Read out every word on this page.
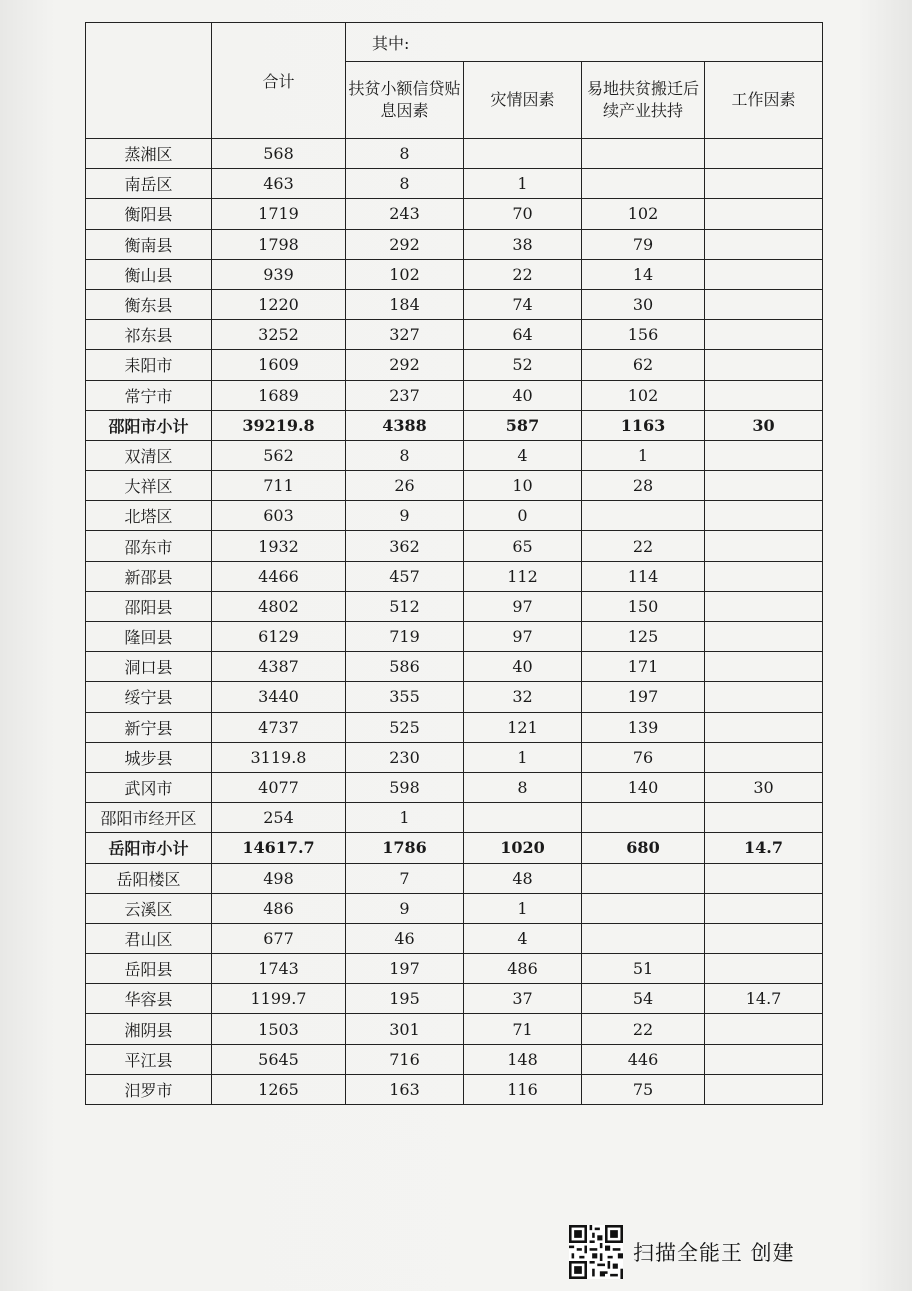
	合计	其中:			
		扶贫小额信贷贴息因素	灾情因素	易地扶贫搬迁后续产业扶持	工作因素
蒸湘区	568	8			
南岳区	463	8	1		
衡阳县	1719	243	70	102	
衡南县	1798	292	38	79	
衡山县	939	102	22	14	
衡东县	1220	184	74	30	
祁东县	3252	327	64	156	
耒阳市	1609	292	52	62	
常宁市	1689	237	40	102	
邵阳市小计	39219.8	4388	587	1163	30
双清区	562	8	4	1	
大祥区	711	26	10	28	
北塔区	603	9	0		
邵东市	1932	362	65	22	
新邵县	4466	457	112	114	
邵阳县	4802	512	97	150	
隆回县	6129	719	97	125	
洞口县	4387	586	40	171	
绥宁县	3440	355	32	197	
新宁县	4737	525	121	139	
城步县	3119.8	230	1	76	
武冈市	4077	598	8	140	30
邵阳市经开区	254	1			
岳阳市小计	14617.7	1786	1020	680	14.7
岳阳楼区	498	7	48		
云溪区	486	9	1		
君山区	677	46	4		
岳阳县	1743	197	486	51	
华容县	1199.7	195	37	54	14.7
湘阴县	1503	301	71	22	
平江县	5645	716	148	446	
汨罗市	1265	163	116	75	
扫描全能王 创建
